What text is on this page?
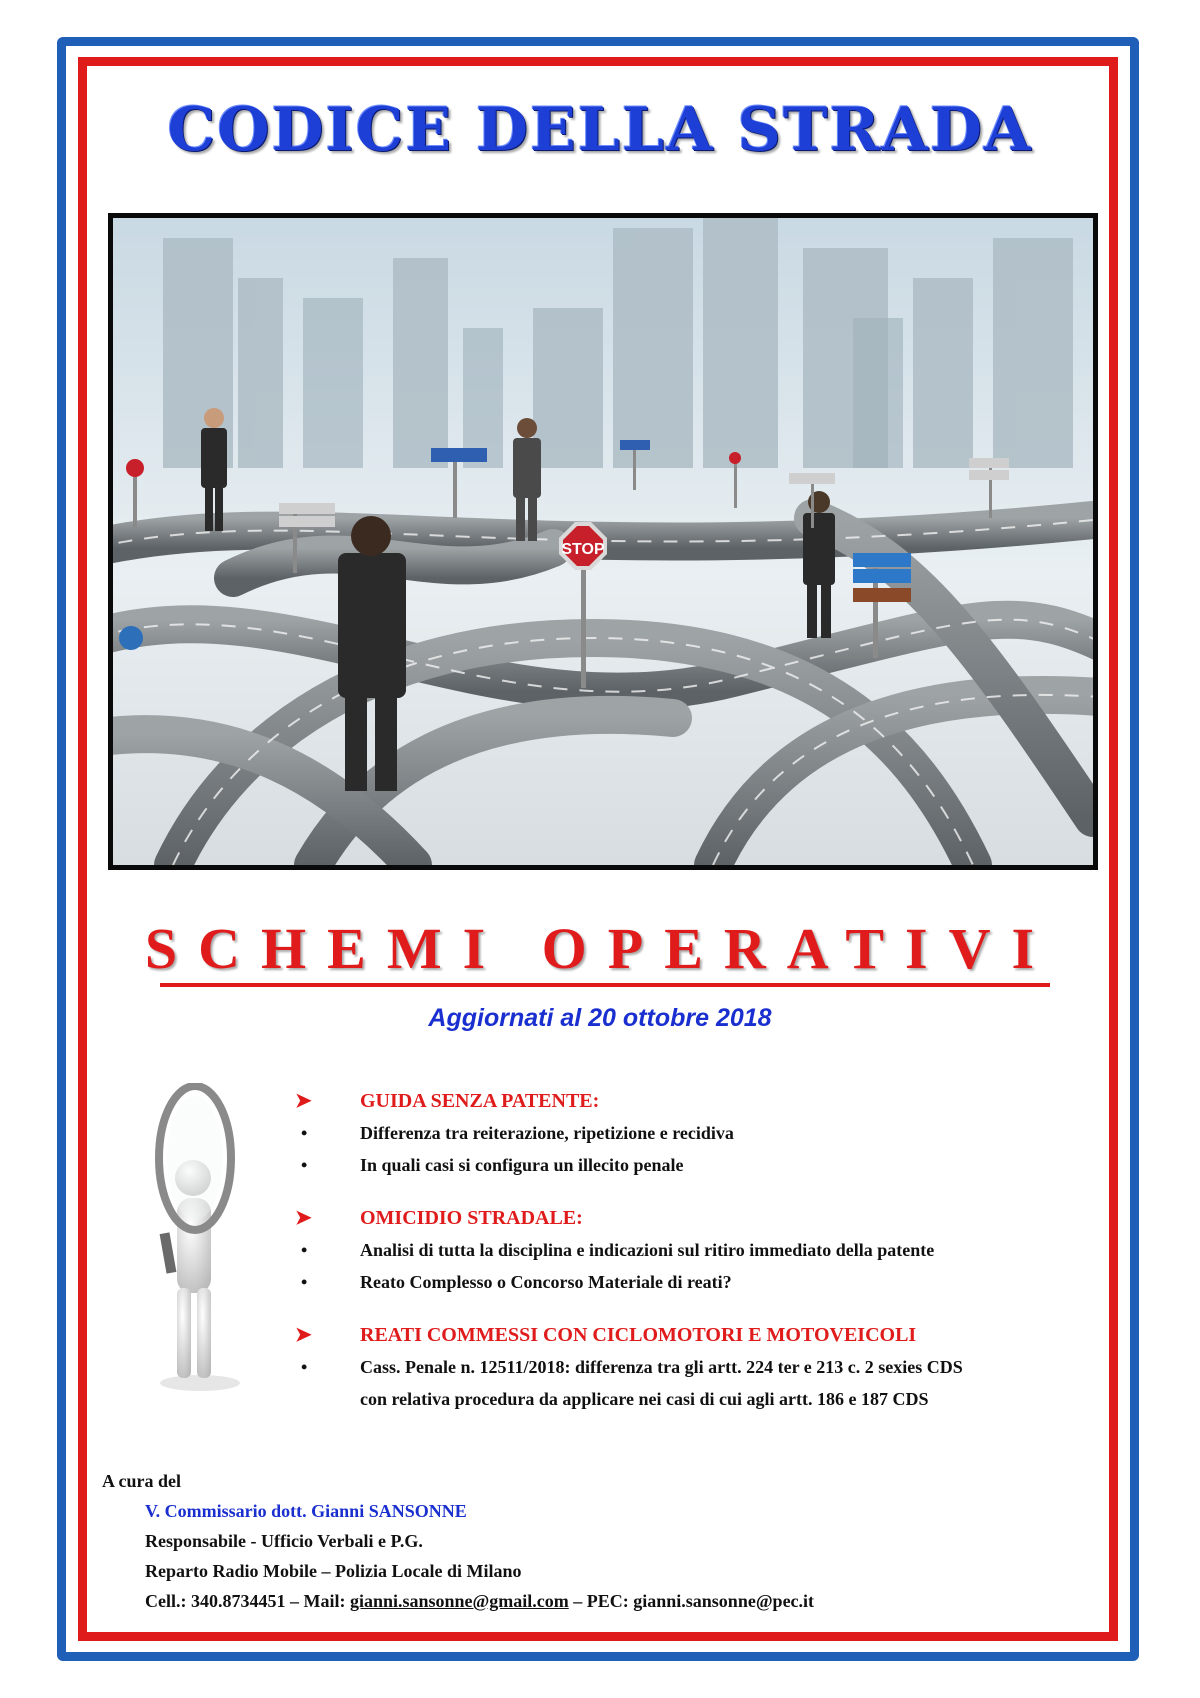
CODICE DELLA STRADA
STOP
SCHEMI OPERATIVI
Aggiornati al 20 ottobre 2018
➤ GUIDA SENZA PATENTE:
•	Differenza tra reiterazione, ripetizione e recidiva
•	In quali casi si configura un illecito penale
➤ OMICIDIO STRADALE:
•	Analisi di tutta la disciplina e indicazioni sul ritiro immediato della patente
•	Reato Complesso o Concorso Materiale di reati?
➤ REATI COMMESSI CON CICLOMOTORI E MOTOVEICOLI
•	Cass. Penale n. 12511/2018: differenza tra gli artt. 224 ter e 213 c. 2 sexies CDS
con relativa procedura da applicare nei casi di cui agli artt. 186 e 187 CDS
A cura del
V. Commissario dott. Gianni SANSONNE
Responsabile - Ufficio Verbali e P.G.
Reparto Radio Mobile – Polizia Locale di Milano
Cell.: 340.8734451 – Mail: gianni.sansonne@gmail.com – PEC: gianni.sansonne@pec.it
